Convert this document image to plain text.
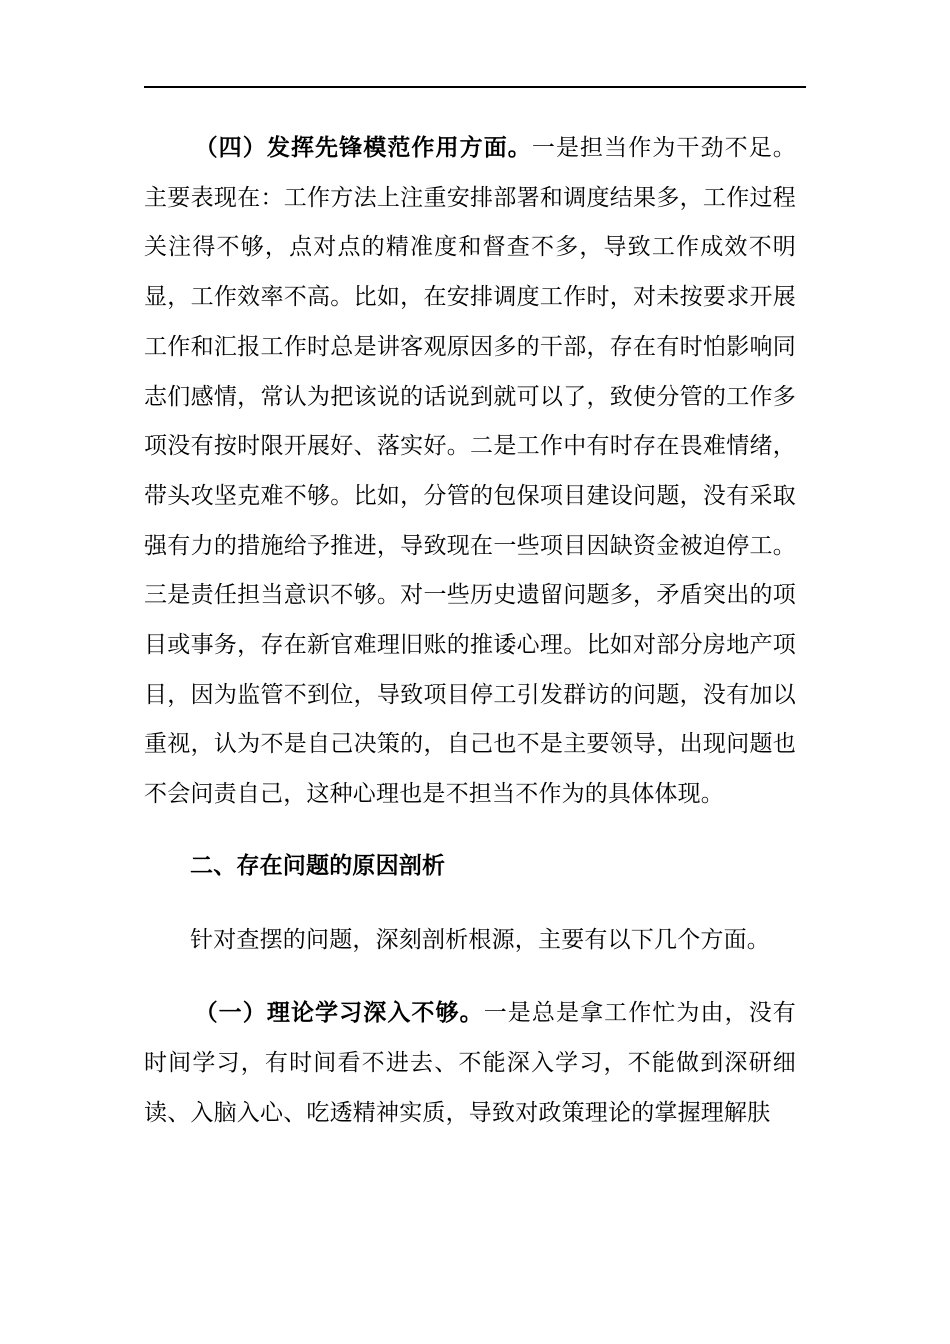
（四）发挥先锋模范作用方面。一是担当作为干劲不足。主要表现在：工作方法上注重安排部署和调度结果多，工作过程关注得不够，点对点的精准度和督查不多，导致工作成效不明显，工作效率不高。比如，在安排调度工作时，对未按要求开展工作和汇报工作时总是讲客观原因多的干部，存在有时怕影响同志们感情，常认为把该说的话说到就可以了，致使分管的工作多项没有按时限开展好、落实好。二是工作中有时存在畏难情绪，带头攻坚克难不够。比如，分管的包保项目建设问题，没有采取强有力的措施给予推进，导致现在一些项目因缺资金被迫停工。三是责任担当意识不够。对一些历史遗留问题多，矛盾突出的项目或事务，存在新官难理旧账的推诿心理。比如对部分房地产项目，因为监管不到位，导致项目停工引发群访的问题，没有加以重视，认为不是自己决策的，自己也不是主要领导，出现问题也不会问责自己，这种心理也是不担当不作为的具体体现。

二、存在问题的原因剖析

针对查摆的问题，深刻剖析根源，主要有以下几个方面。

（一）理论学习深入不够。一是总是拿工作忙为由，没有时间学习，有时间看不进去、不能深入学习，不能做到深研细读、入脑入心、吃透精神实质，导致对政策理论的掌握理解肤
